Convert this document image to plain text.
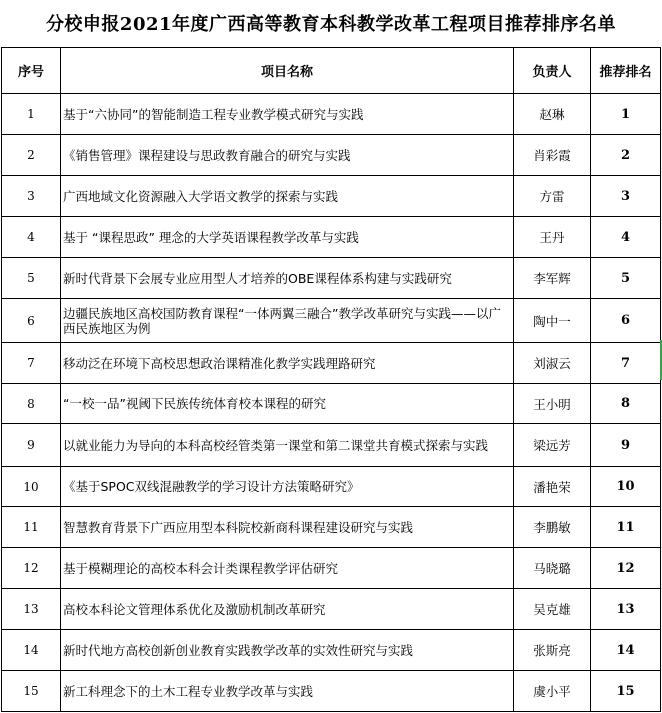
分校申报2021年度广西高等教育本科教学改革工程项目推荐排序名单
序号	项目名称	负责人	推荐排名
1	基于“六协同”的智能制造工程专业教学模式研究与实践	赵琳	1
2	《销售管理》课程建设与思政教育融合的研究与实践	肖彩霞	2
3	广西地域文化资源融入大学语文教学的探索与实践	方雷	3
4	基于 “课程思政” 理念的大学英语课程教学改革与实践	王丹	4
5	新时代背景下会展专业应用型人才培养的OBE课程体系构建与实践研究	李军辉	5
6	边疆民族地区高校国防教育课程“一体两翼三融合”教学改革研究与实践——以广西民族地区为例	陶中一	6
7	移动泛在环境下高校思想政治课精准化教学实践理路研究	刘淑云	7
8	“一校一品”视阈下民族传统体育校本课程的研究	王小明	8
9	以就业能力为导向的本科高校经管类第一课堂和第二课堂共育模式探索与实践	梁远芳	9
10	《基于SPOC双线混融教学的学习设计方法策略研究》	潘艳荣	10
11	智慧教育背景下广西应用型本科院校新商科课程建设研究与实践	李鹏敏	11
12	基于模糊理论的高校本科会计类课程教学评估研究	马晓璐	12
13	高校本科论文管理体系优化及激励机制改革研究	吴克雄	13
14	新时代地方高校创新创业教育实践教学改革的实效性研究与实践	张斯亮	14
15	新工科理念下的土木工程专业教学改革与实践	虞小平	15
